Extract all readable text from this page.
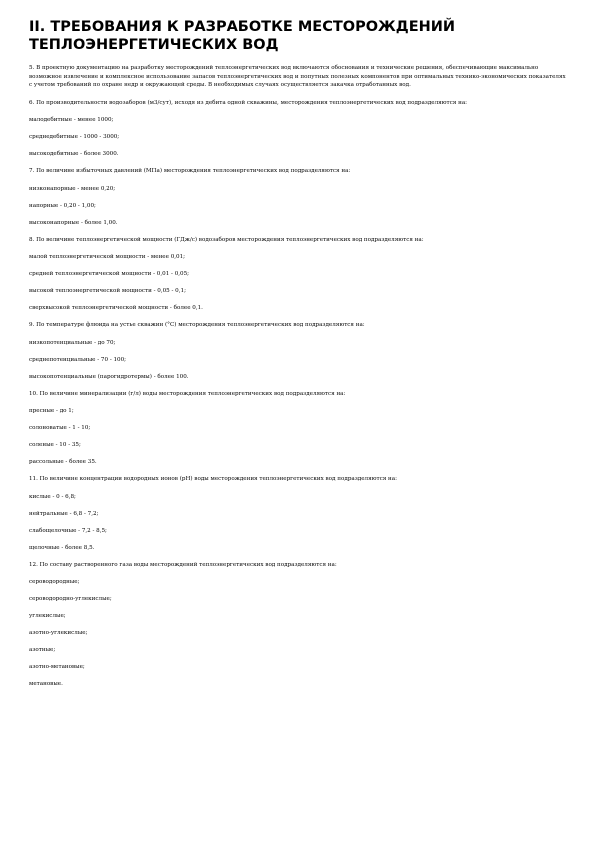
II. ТРЕБОВАНИЯ К РАЗРАБОТКЕ МЕСТОРОЖДЕНИЙ ТЕПЛОЭНЕРГЕТИЧЕСКИХ ВОД

5. В проектную документацию на разработку месторождений теплоэнергетических вод включаются обоснования и технические решения, обеспечивающие максимально возможное извлечение и комплексное использование запасов теплоэнергетических вод и попутных полезных компонентов при оптимальных технико-экономических показателях с учетом требований по охране недр и окружающей среды. В необходимых случаях осуществляется закачка отработанных вод.

6. По производительности водозаборов (м3/сут), исходя из дебита одной скважины, месторождения теплоэнергетических вод подразделяются на:

малодебитные - менее 1000;

среднедебитные - 1000 - 3000;

высокодебитные - более 3000.

7. По величине избыточных давлений (МПа) месторождения теплоэнергетических вод подразделяются на:

низконапорные - менее 0,20;

напорные - 0,20 - 1,00;

высоконапорные - более 1,00.

8. По величине теплоэнергетической мощности (ГДж/с) водозаборов месторождения теплоэнергетических вод подразделяются на:

малой теплоэнергетической мощности - менее 0,01;

средней теплоэнергетической мощности - 0,01 - 0,05;

высокой теплоэнергетической мощности - 0,05 - 0,1;

сверхвысокой теплоэнергетической мощности - более 0,1.

9. По температуре флюида на устье скважин (°С) месторождения теплоэнергетических вод подразделяются на:

низкопотенциальные - до 70;

среднепотенциальные - 70 - 100;

высокопотенциальные (парогидротермы) - более 100.

10. По величине минерализации (г/л) воды месторождения теплоэнергетических вод подразделяются на:

пресные - до 1;

солоноватые - 1 - 10;

соленые - 10 - 35;

рассольные - более 35.

11. По величине концентрации водородных ионов (pH) воды месторождения теплоэнергетических вод подразделяются на:

кислые - 0 - 6,8;

нейтральные - 6,8 - 7,2;

слабощелочные - 7,2 - 8,5;

щелочные - более 8,5.

12. По составу растворенного газа воды месторождений теплоэнергетических вод подразделяются на:

сероводородные;

сероводородно-углекислые;

углекислые;

азотно-углекислые;

азотные;

азотно-метановые;

метановые.
